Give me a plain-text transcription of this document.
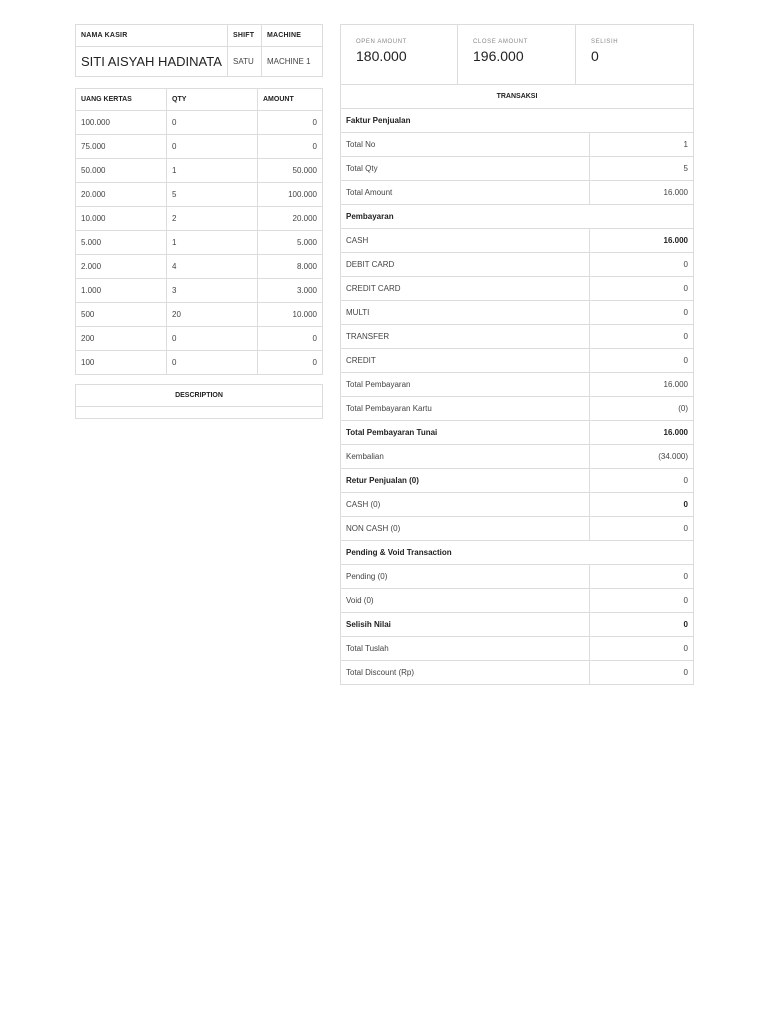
NAMA KASIR	SHIFT	MACHINE
SITI AISYAH HADINATA	SATU	MACHINE 1
UANG KERTAS	QTY	AMOUNT
100.000	0	0
75.000	0	0
50.000	1	50.000
20.000	5	100.000
10.000	2	20.000
5.000	1	5.000
2.000	4	8.000
1.000	3	3.000
500	20	10.000
200	0	0
100	0	0
DESCRIPTION

OPEN AMOUNT
180.000

CLOSE AMOUNT
196.000

SELISIH
0
TRANSAKSI	
Faktur Penjualan	
Total No	1
Total Qty	5
Total Amount	16.000
Pembayaran	
CASH	16.000
DEBIT CARD	0
CREDIT CARD	0
MULTI	0
TRANSFER	0
CREDIT	0
Total Pembayaran	16.000
Total Pembayaran Kartu	(0)
Total Pembayaran Tunai	16.000
Kembalian	(34.000)
Retur Penjualan (0)	0
CASH (0)	0
NON CASH (0)	0
Pending & Void Transaction	
Pending (0)	0
Void (0)	0
Selisih Nilai	0
Total Tuslah	0
Total Discount (Rp)	0
